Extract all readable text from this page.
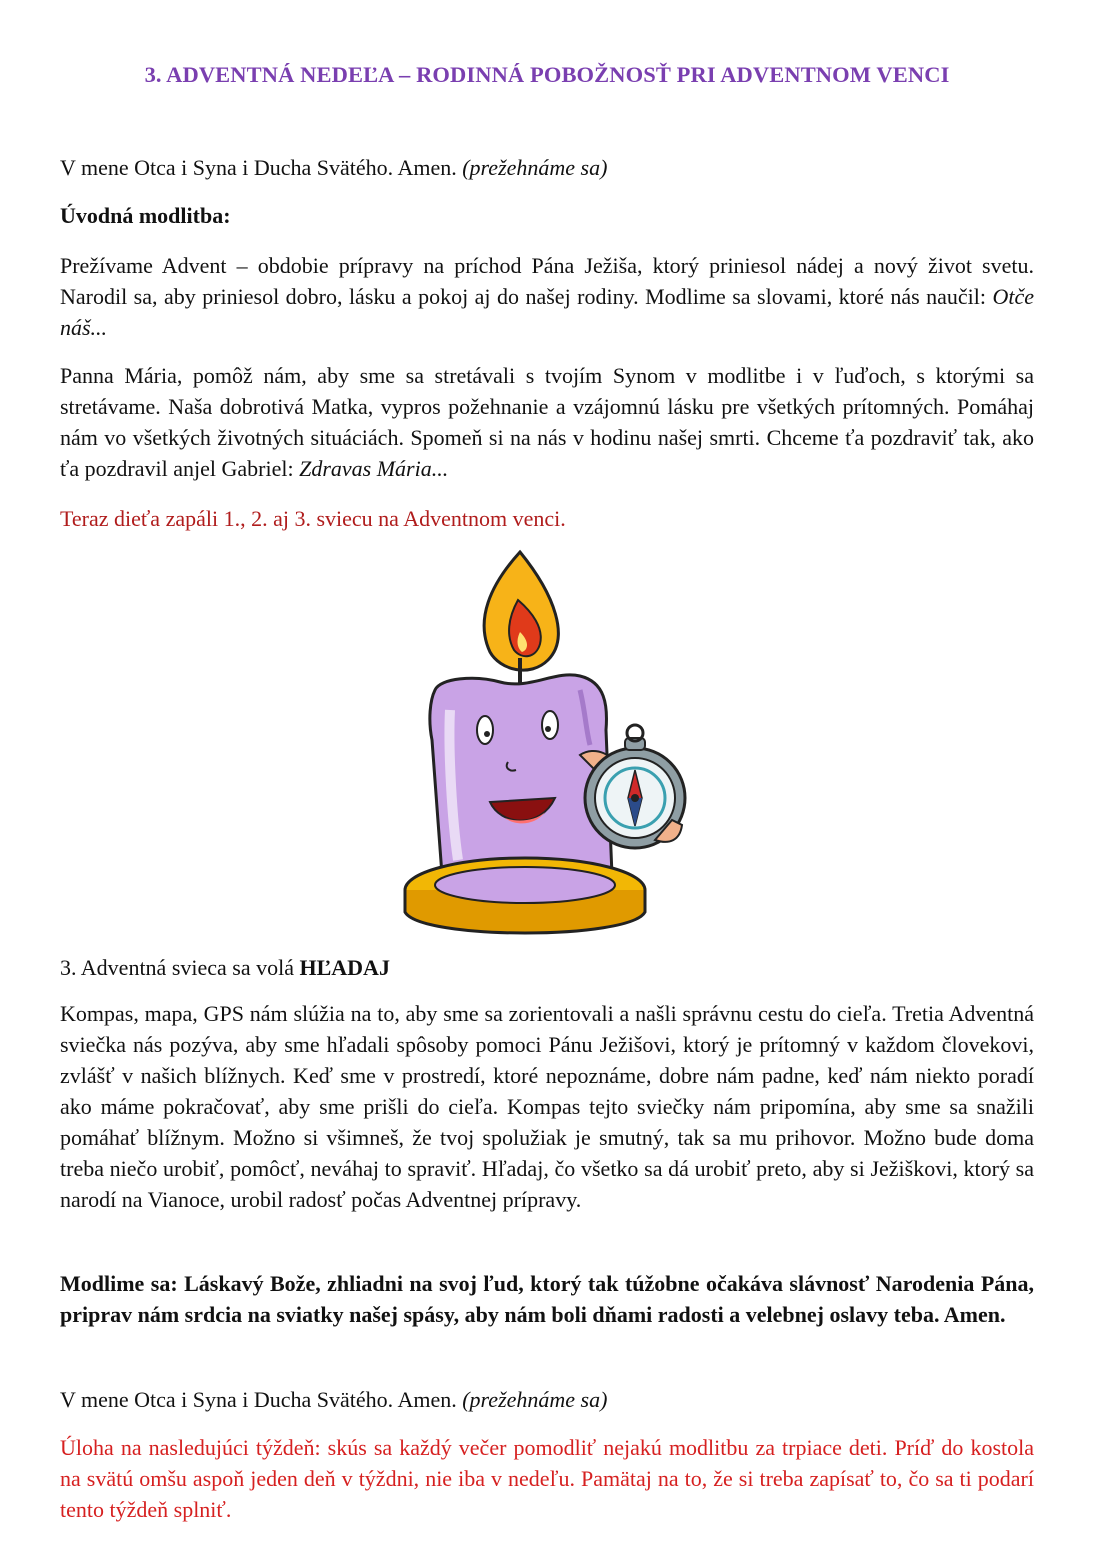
3. ADVENTNÁ NEDEĽA – RODINNÁ POBOŽNOSŤ PRI ADVENTNOM VENCI
V mene Otca i Syna i Ducha Svätého. Amen. (prežehnáme sa)
Úvodná modlitba:
Prežívame Advent – obdobie prípravy na príchod Pána Ježiša, ktorý priniesol nádej a nový život svetu. Narodil sa, aby priniesol dobro, lásku a pokoj aj do našej rodiny. Modlime sa slovami, ktoré nás naučil: Otče náš...
Panna Mária, pomôž nám, aby sme sa stretávali s tvojím Synom v modlitbe i v ľuďoch, s ktorými sa stretávame. Naša dobrotivá Matka, vypros požehnanie a vzájomnú lásku pre všetkých prítomných. Pomáhaj nám vo všetkých životných situáciách. Spomeň si na nás v hodinu našej smrti. Chceme ťa pozdraviť tak, ako ťa pozdravil anjel Gabriel: Zdravas Mária...
Teraz dieťa zapáli 1., 2. aj 3. sviecu na Adventnom venci.
3. Adventná svieca sa volá HĽADAJ
Kompas, mapa, GPS nám slúžia na to, aby sme sa zorientovali a našli správnu cestu do cieľa. Tretia Adventná sviečka nás pozýva, aby sme hľadali spôsoby pomoci Pánu Ježišovi, ktorý je prítomný v každom človekovi, zvlášť v našich blížnych. Keď sme v prostredí, ktoré nepoznáme, dobre nám padne, keď nám niekto poradí ako máme pokračovať, aby sme prišli do cieľa. Kompas tejto sviečky nám pripomína, aby sme sa snažili pomáhať blížnym. Možno si všimneš, že tvoj spolužiak je smutný, tak sa mu prihovor. Možno bude doma treba niečo urobiť, pomôcť, neváhaj to spraviť. Hľadaj, čo všetko sa dá urobiť preto, aby si Ježiškovi, ktorý sa narodí na Vianoce, urobil radosť počas Adventnej prípravy.
Modlime sa: Láskavý Bože, zhliadni na svoj ľud, ktorý tak túžobne očakáva slávnosť Narodenia Pána, priprav nám srdcia na sviatky našej spásy, aby nám boli dňami radosti a velebnej oslavy teba. Amen.
V mene Otca i Syna i Ducha Svätého. Amen. (prežehnáme sa)
Úloha na nasledujúci týždeň: skús sa každý večer pomodliť nejakú modlitbu za trpiace deti. Príď do kostola na svätú omšu aspoň jeden deň v týždni, nie iba v nedeľu. Pamätaj na to, že si treba zapísať to, čo sa ti podarí tento týždeň splniť.
